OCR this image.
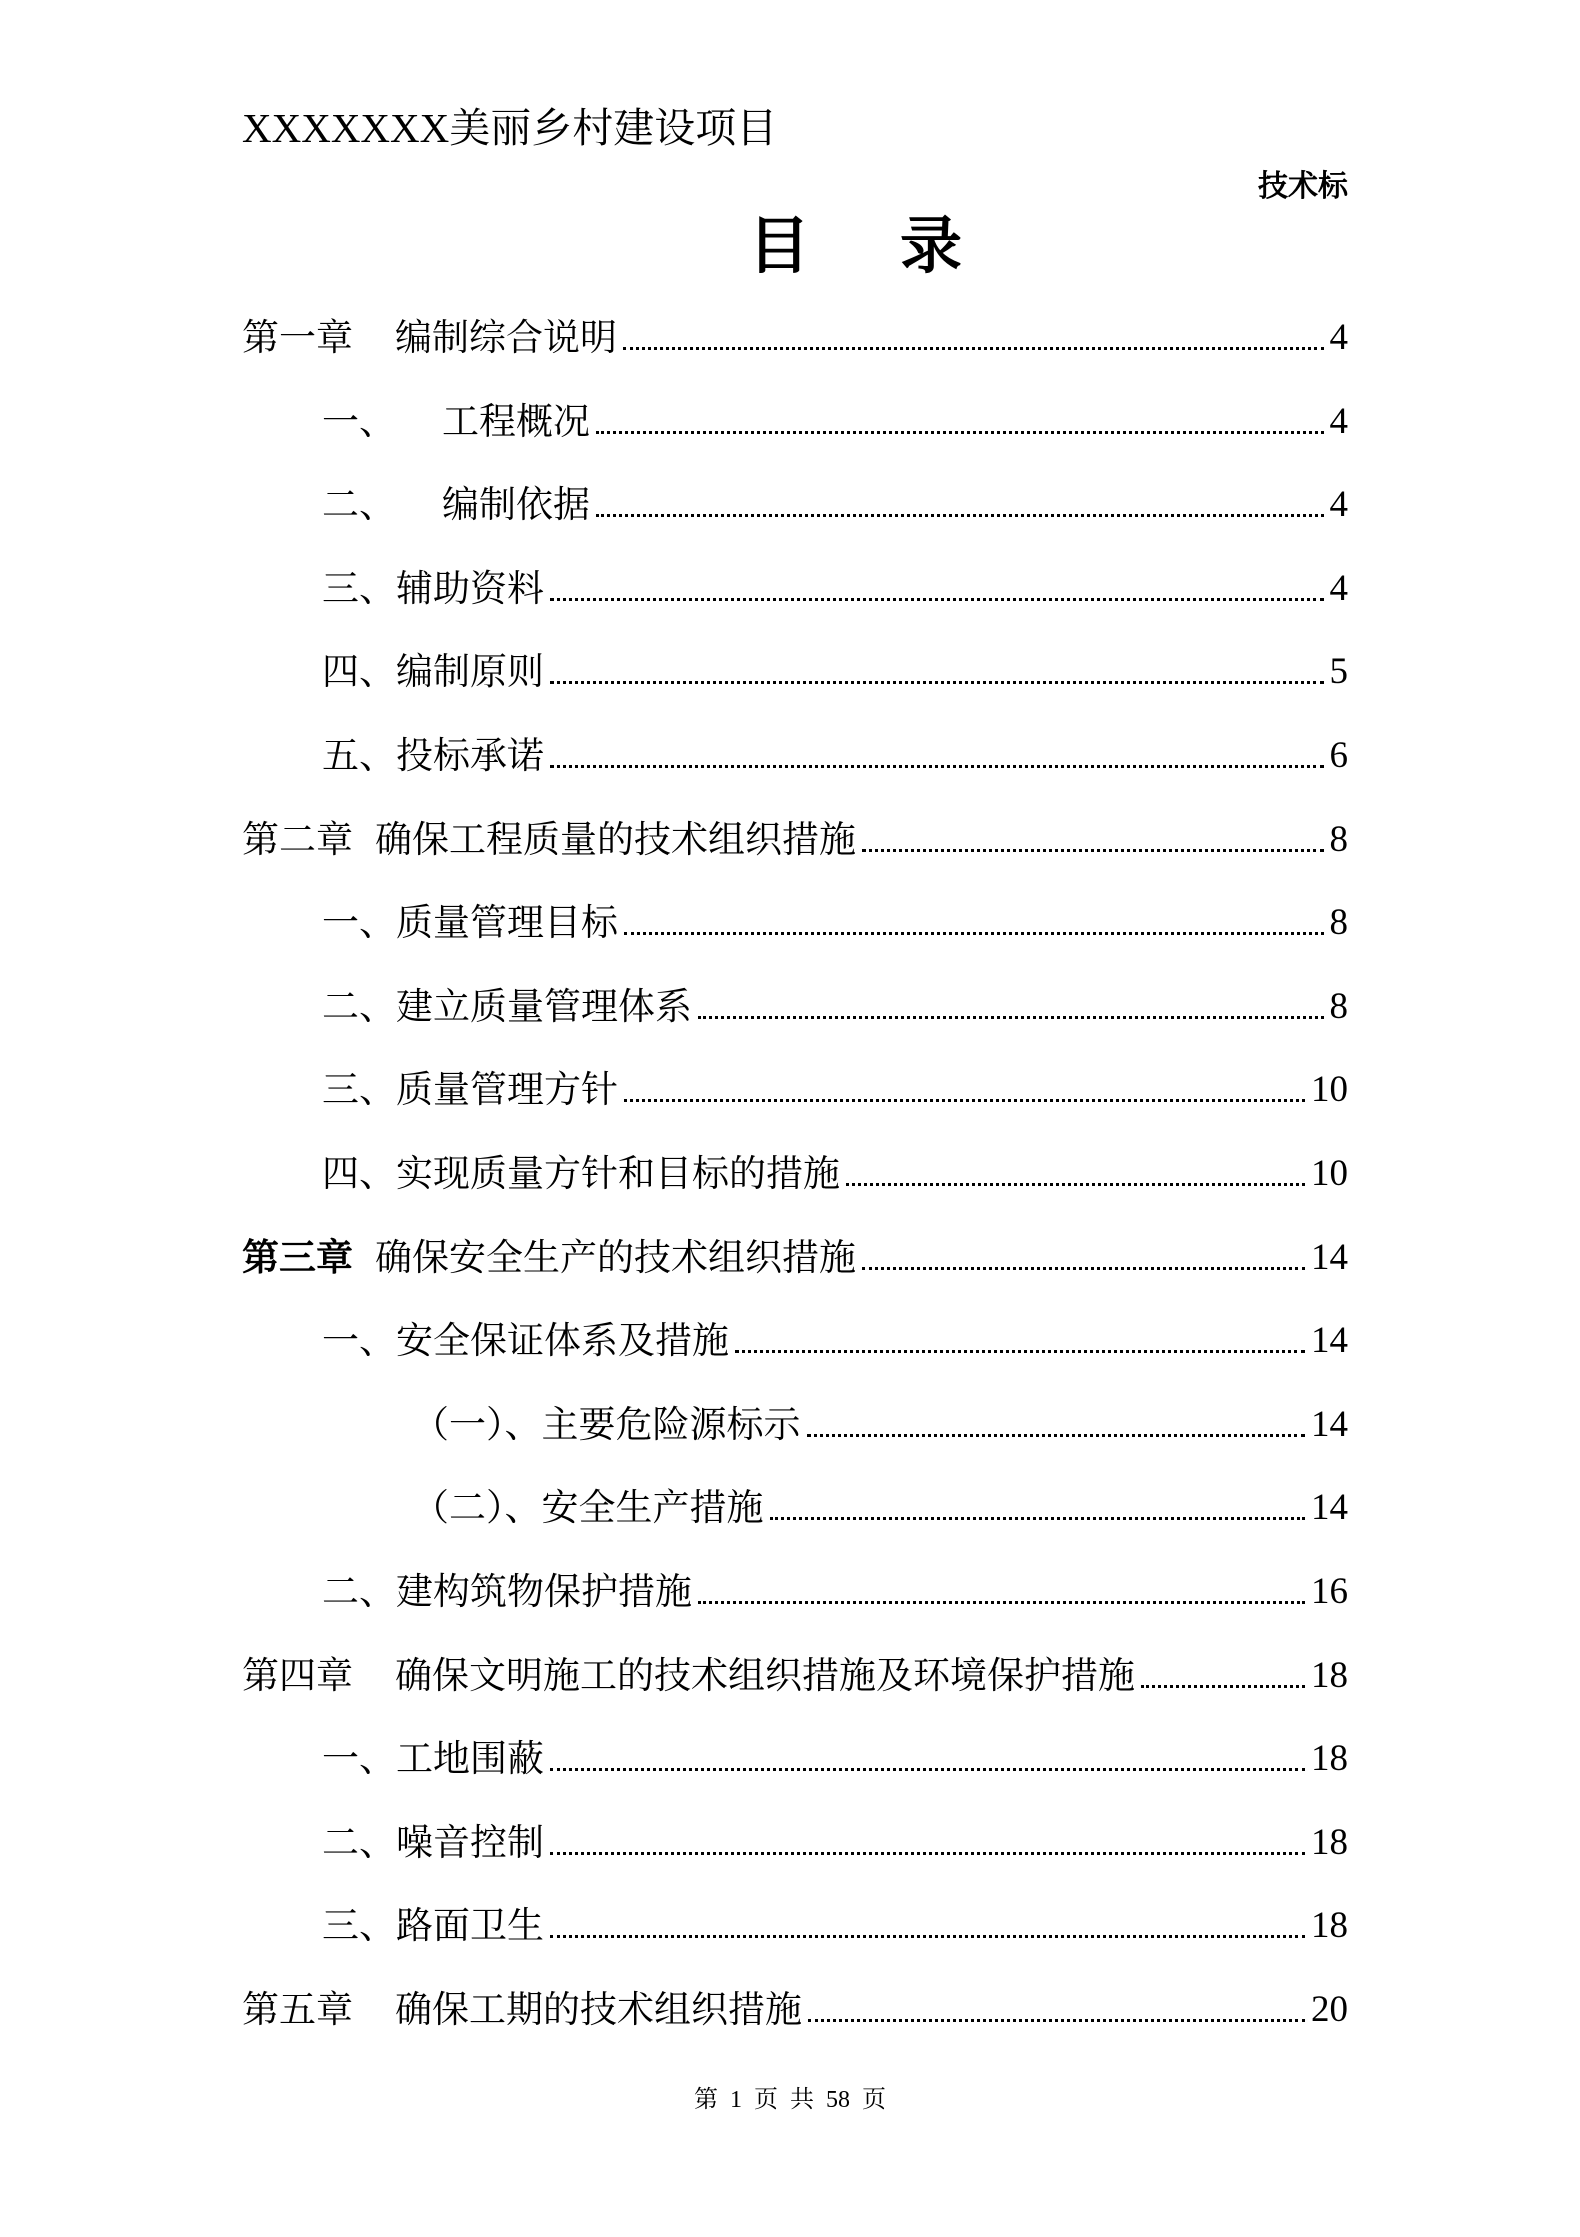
XXXXXXX美丽乡村建设项目
技术标
目录
第一章 编制综合说明	4
一、 工程概况	4
二、 编制依据	4
三、辅助资料	4
四、编制原则	5
五、投标承诺	6
第二章 确保工程质量的技术组织措施	8
一、质量管理目标	8
二、建立质量管理体系	8
三、质量管理方针	10
四、实现质量方针和目标的措施	10
第三章 确保安全生产的技术组织措施	14
一、安全保证体系及措施	14
（一）、主要危险源标示	14
（二）、安全生产措施	14
二、建构筑物保护措施	16
第四章 确保文明施工的技术组织措施及环境保护措施	18
一、工地围蔽	18
二、噪音控制	18
三、路面卫生	18
第五章 确保工期的技术组织措施	20
第 1 页 共 58 页
